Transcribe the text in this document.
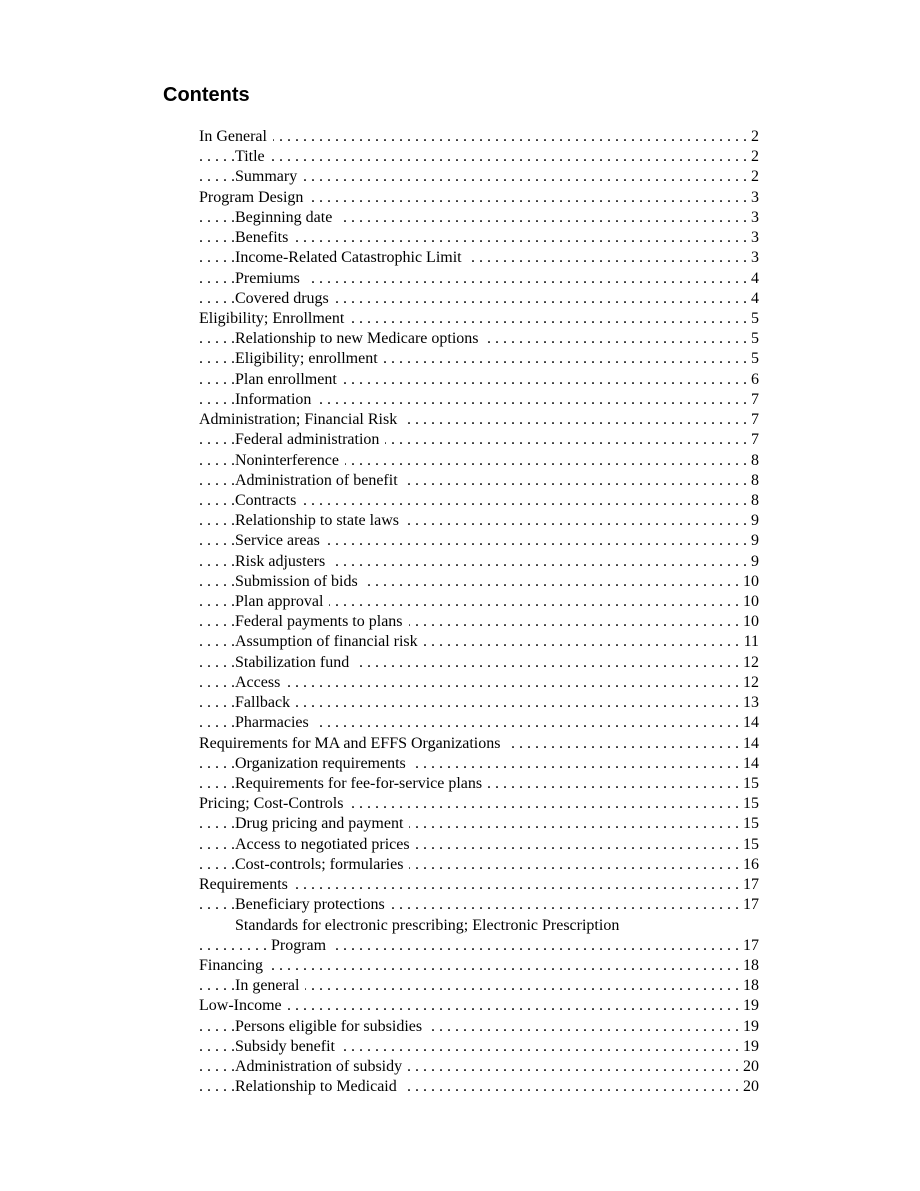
Contents
. . .
In General	2
. . .
Title	2
. . .
Summary	2
. . .
Program Design	3
. . .
Beginning date	3
. . .
Benefits	3
. . .
Income-Related Catastrophic Limit	3
. . .
Premiums	4
. . .
Covered drugs	4
. . .
Eligibility; Enrollment	5
. . .
Relationship to new Medicare options	5
. . .
Eligibility; enrollment	5
. . .
Plan enrollment	6
. . .
Information	7
. . .
Administration; Financial Risk	7
. . .
Federal administration	7
. . .
Noninterference	8
. . .
Administration of benefit	8
. . .
Contracts	8
. . .
Relationship to state laws	9
. . .
Service areas	9
. . .
Risk adjusters	9
. . .
Submission of bids	10
. . .
Plan approval	10
. . .
Federal payments to plans	10
. . .
Assumption of financial risk	11
. . .
Stabilization fund	12
. . .
Access	12
. . .
Fallback	13
. . .
Pharmacies	14
. . .
Requirements for MA and EFFS Organizations	14
. . .
Organization requirements	14
. . .
Requirements for fee-for-service plans	15
. . .
Pricing; Cost-Controls	15
. . .
Drug pricing and payment	15
. . .
Access to negotiated prices	15
. . .
Cost-controls; formularies	16
. . .
Requirements	17
. . .
Beneficiary protections	17
Standards for electronic prescribing; Electronic Prescription
. . .
Program	17
. . .
Financing	18
. . .
In general	18
. . .
Low-Income	19
. . .
Persons eligible for subsidies	19
. . .
Subsidy benefit	19
. . .
Administration of subsidy	20
. . .
Relationship to Medicaid	20
